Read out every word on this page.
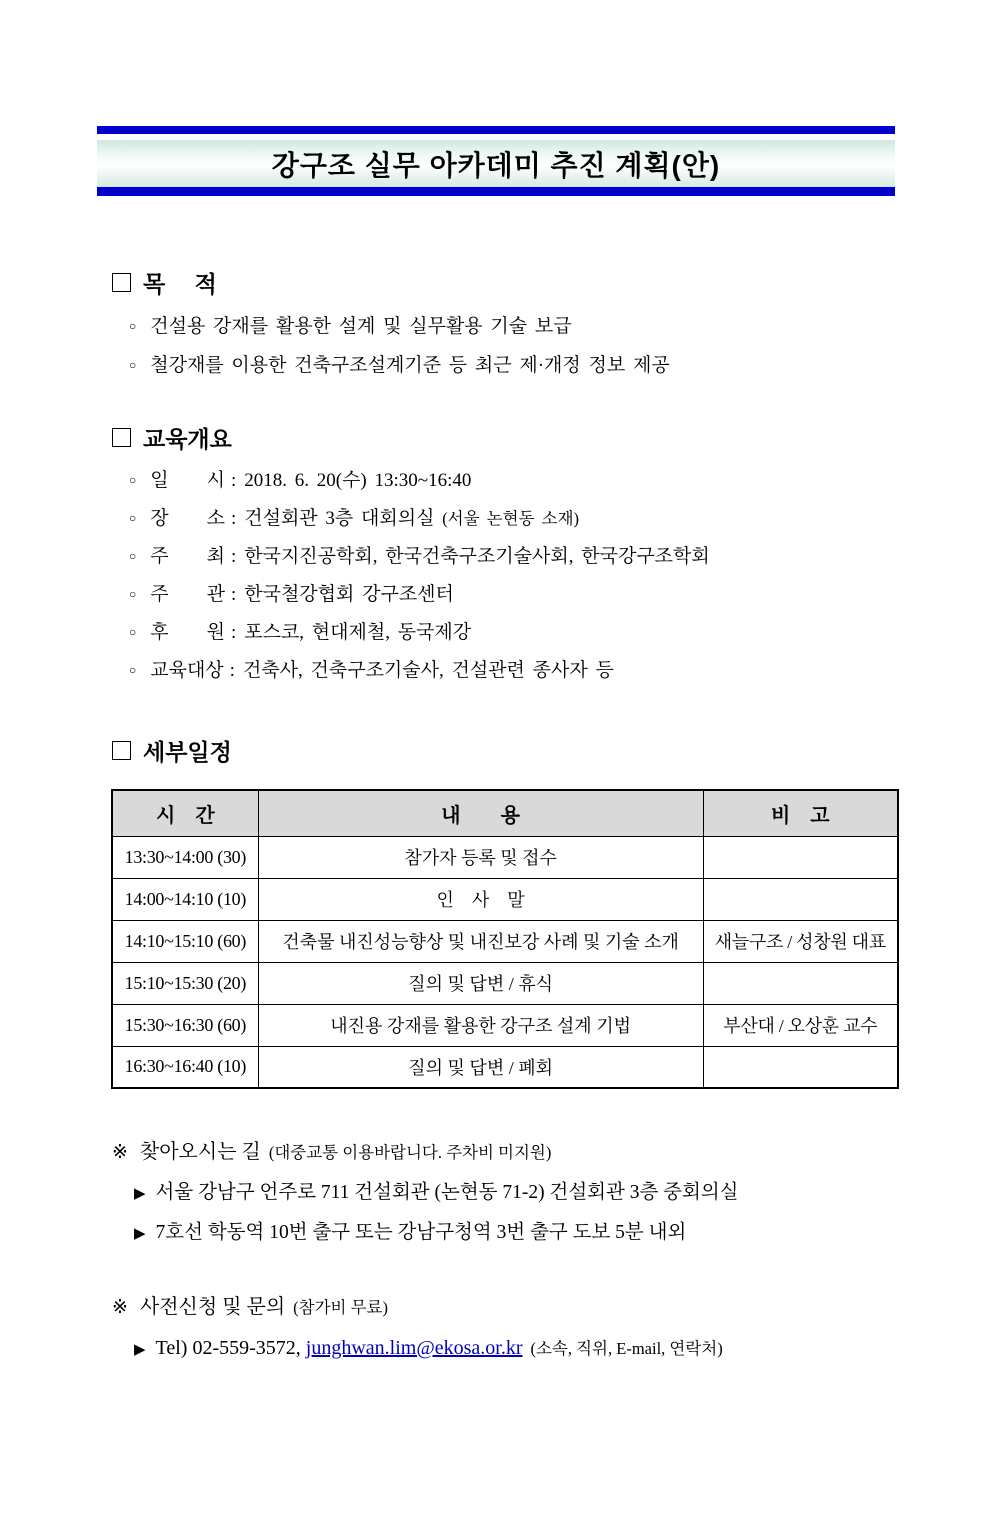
강구조 실무 아카데미 추진 계획(안)
목　 적
○ 건설용 강재를 활용한 설계 및 실무활용 기술 보급
○ 철강재를 이용한 건축구조설계기준 등 최근 제·개정 정보 제공
교육개요
○ 일　　시 : 2018. 6. 20(수) 13:30~16:40
○ 장　　소 : 건설회관 3층 대회의실
(서울 논현동 소재)
○ 주　　최 : 한국지진공학회, 한국건축구조기술사회, 한국강구조학회
○ 주　　관 : 한국철강협회 강구조센터
○ 후　　원 : 포스코, 현대제철, 동국제강
○ 교육대상 : 건축사, 건축구조기술사, 건설관련 종사자 등
세부일정
시　간	내　　용	비　고
13:30~14:00 (30)	참가자 등록 및 접수	
14:00~14:10 (10)	인　사　말	
14:10~15:10 (60)	건축물 내진성능향상 및 내진보강 사례 및 기술 소개	새늘구조 / 성창원 대표
15:10~15:30 (20)	질의 및 답변 / 휴식	
15:30~16:30 (60)	내진용 강재를 활용한 강구조 설계 기법	부산대 / 오상훈 교수
16:30~16:40 (10)	질의 및 답변 / 폐회	
※ 찾아오시는 길 (대중교통 이용바랍니다. 주차비 미지원)
▶ 서울 강남구 언주로 711 건설회관 (논현동 71-2) 건설회관 3층 중회의실
▶ 7호선 학동역 10번 출구 또는 강남구청역 3번 출구 도보 5분 내외
※ 사전신청 및 문의 (참가비 무료)
▶ Tel) 02-559-3572, junghwan.lim@ekosa.or.kr (소속, 직위, E-mail, 연락처)
